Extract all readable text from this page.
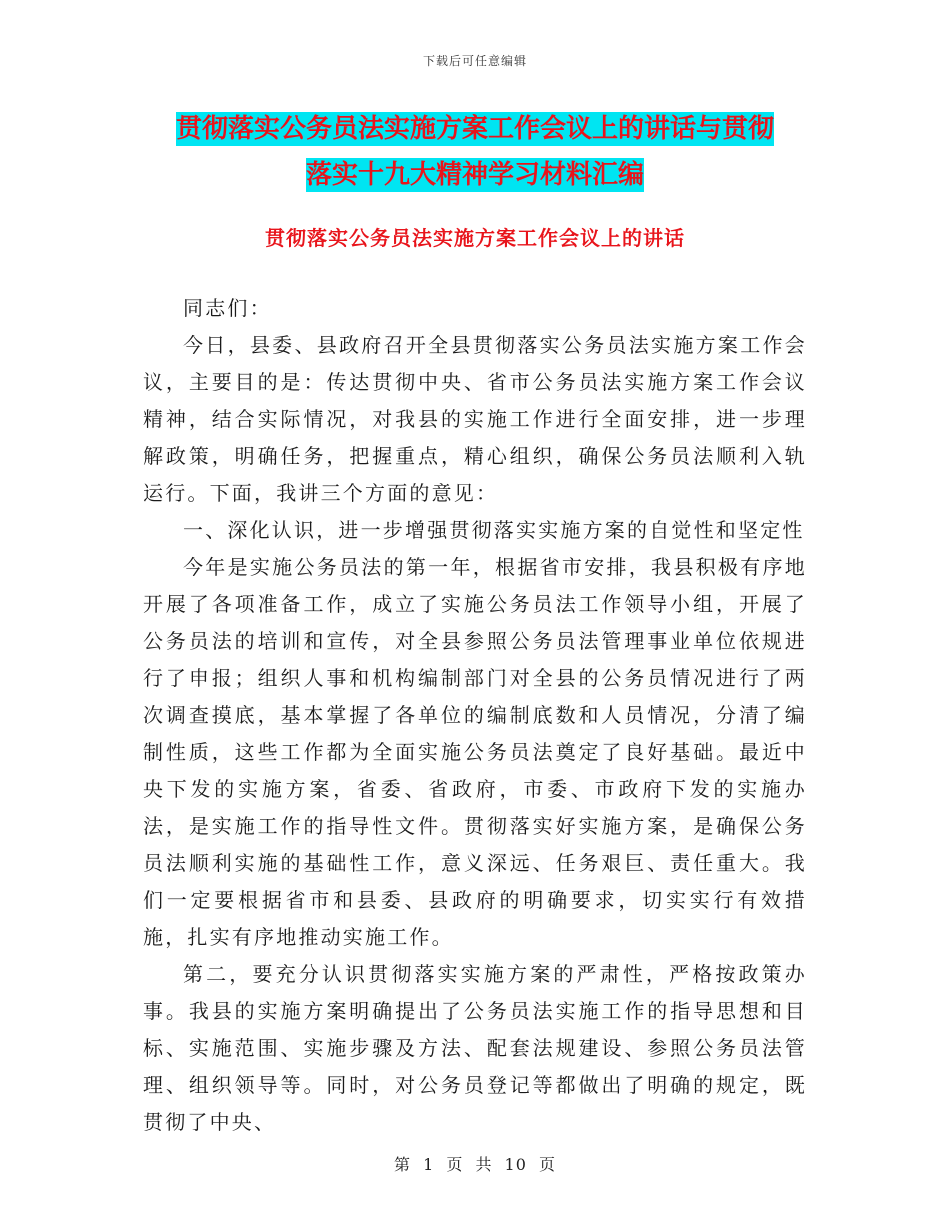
下载后可任意编辑
贯彻落实公务员法实施方案工作会议上的讲话与贯彻
落实十九大精神学习材料汇编
贯彻落实公务员法实施方案工作会议上的讲话

同志们：

今日，县委、县政府召开全县贯彻落实公务员法实施方案工作会议，主要目的是：传达贯彻中央、省市公务员法实施方案工作会议精神，结合实际情况，对我县的实施工作进行全面安排，进一步理解政策，明确任务，把握重点，精心组织，确保公务员法顺利入轨运行。下面，我讲三个方面的意见：

一、深化认识，进一步增强贯彻落实实施方案的自觉性和坚定性

今年是实施公务员法的第一年，根据省市安排，我县积极有序地开展了各项准备工作，成立了实施公务员法工作领导小组，开展了公务员法的培训和宣传，对全县参照公务员法管理事业单位依规进行了申报；组织人事和机构编制部门对全县的公务员情况进行了两次调查摸底，基本掌握了各单位的编制底数和人员情况，分清了编制性质，这些工作都为全面实施公务员法奠定了良好基础。最近中央下发的实施方案，省委、省政府，市委、市政府下发的实施办法，是实施工作的指导性文件。贯彻落实好实施方案，是确保公务员法顺利实施的基础性工作，意义深远、任务艰巨、责任重大。我们一定要根据省市和县委、县政府的明确要求，切实实行有效措施，扎实有序地推动实施工作。

第二，要充分认识贯彻落实实施方案的严肃性，严格按政策办事。我县的实施方案明确提出了公务员法实施工作的指导思想和目标、实施范围、实施步骤及方法、配套法规建设、参照公务员法管理、组织领导等。同时，对公务员登记等都做出了明确的规定，既贯彻了中央、

第 1 页 共 10 页
